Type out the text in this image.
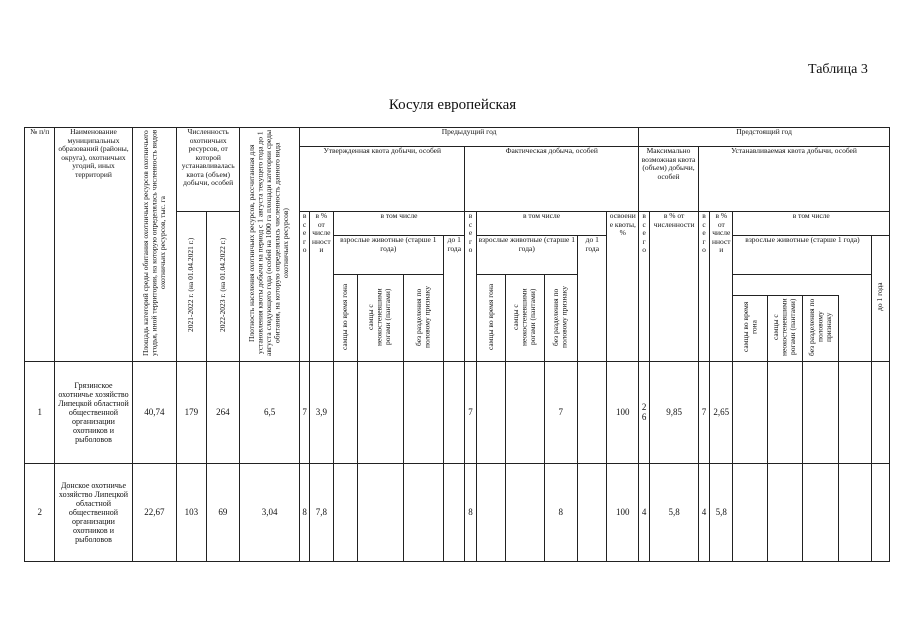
Таблица 3
Косуля европейская
№ п/п	Наименование муниципальных образований (районы, округа), охотничьих угодий, иных территорий	Площадь категорий среды обитания охотничьих ресурсов охотничьего угодья, иной территории, на которую определялась численность видов охотничьих ресурсов, тыс. га	Численность охотничьих ресурсов, от которой устанавливалась квота (объем) добычи, особей		Плотность населения охотничьих ресурсов, рассчитанная для установления квоты добычи на период с 1 августа текущего года до 1 августа следующего года (особей на 1000 га площади категории среды обитания, на которую определялась численность данного вида охотничьих ресурсов)	Предыдущий год												Предстоящий год								
						Утвержденная квота добычи, особей						Фактическая добыча, особей						Максимально возможная квота (объем) добычи, особей		Устанавливаемая квота добычи, особей						
			2021-2022 г. (на 01.04.2021 г.)	2022-2023 г. (на 01.04.2022 г.)		в с е г о	в % от численности	в том числе				в с е г о	в том числе				освоение квоты, %	в с е г о	в % от численности	в с е г о	в % от численности	в том числе				
								взрослые животные (старше 1 года)			до 1 года		взрослые животные (старше 1 года)			до 1 года						взрослые животные (старше 1 года)				до 1 года
								самцы во время гона	самцы с неокостеневшими рогами (пантами)	без разделения по половому признаку			самцы во время гона	самцы с неокостеневшими рогами (пантами)	без разделения по половому признаку											
																						самцы во время гона	самцы с неокостеневшими рогами (пантами)	без разделения по половому признаку		
1	Грязинское охотничье хозяйство Липецкой областной общественной организации охотников и рыболовов	40,74	179	264	6,5	7	3,9					7			7		100	26	9,85	7	2,65					
2	Донское охотничье хозяйство Липецкой областной общественной организации охотников и рыболовов	22,67	103	69	3,04	8	7,8					8			8		100	4	5,8	4	5,8					
